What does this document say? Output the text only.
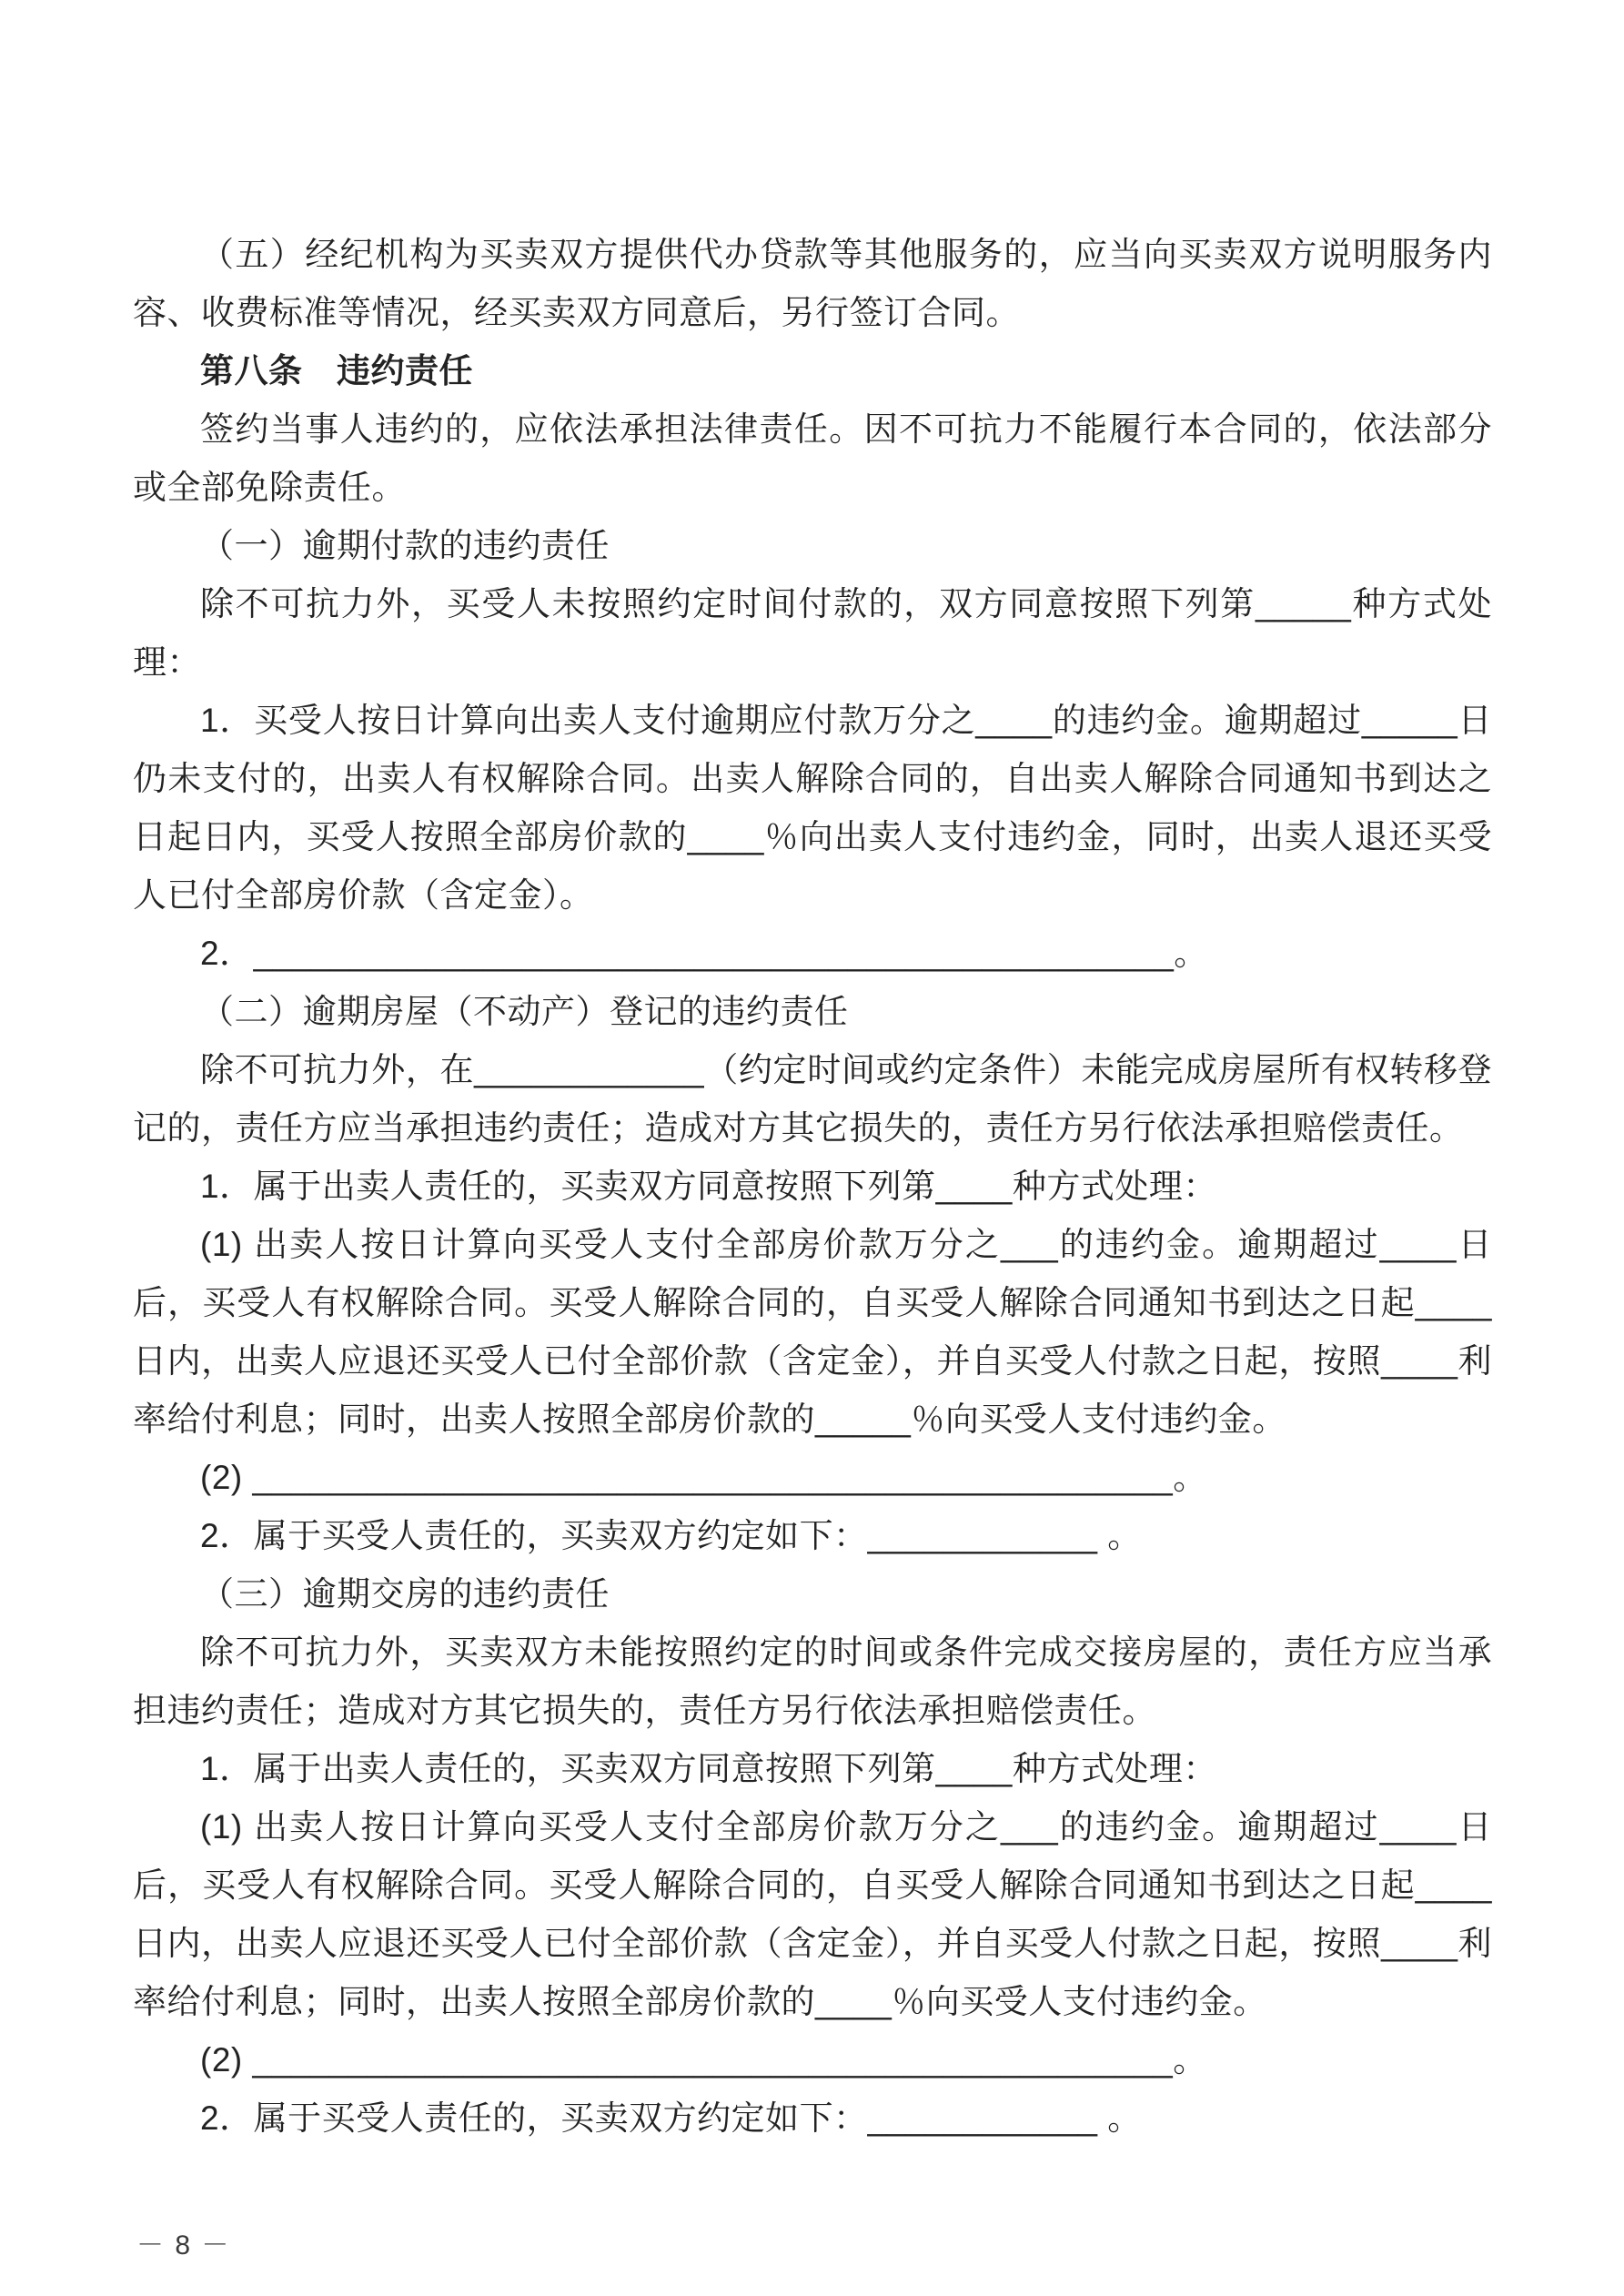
（五）经纪机构为买卖双方提供代办贷款等其他服务的，应当向买卖双方说明服务内容、收费标准等情况，经买卖双方同意后，另行签订合同。

第八条　违约责任

签约当事人违约的，应依法承担法律责任。因不可抗力不能履行本合同的，依法部分或全部免除责任。

（一）逾期付款的违约责任

除不可抗力外，买受人未按照约定时间付款的，双方同意按照下列第_____种方式处理：

1．买受人按日计算向出卖人支付逾期应付款万分之____的违约金。逾期超过_____日仍未支付的，出卖人有权解除合同。出卖人解除合同的，自出卖人解除合同通知书到达之日起日内，买受人按照全部房价款的____％向出卖人支付违约金，同时，出卖人退还买受人已付全部房价款（含定金）。

2．________________________________________________。

（二）逾期房屋（不动产）登记的违约责任

除不可抗力外，在____________（约定时间或约定条件）未能完成房屋所有权转移登记的，责任方应当承担违约责任；造成对方其它损失的，责任方另行依法承担赔偿责任。

1．属于出卖人责任的，买卖双方同意按照下列第____种方式处理：

(1) 出卖人按日计算向买受人支付全部房价款万分之___的违约金。逾期超过____日后，买受人有权解除合同。买受人解除合同的，自买受人解除合同通知书到达之日起____日内，出卖人应退还买受人已付全部价款（含定金），并自买受人付款之日起，按照____利率给付利息；同时，出卖人按照全部房价款的_____％向买受人支付违约金。

(2) ________________________________________________。

2．属于买受人责任的，买卖双方约定如下：____________ 。

（三）逾期交房的违约责任

除不可抗力外，买卖双方未能按照约定的时间或条件完成交接房屋的，责任方应当承担违约责任；造成对方其它损失的，责任方另行依法承担赔偿责任。

1．属于出卖人责任的，买卖双方同意按照下列第____种方式处理：

(1) 出卖人按日计算向买受人支付全部房价款万分之___的违约金。逾期超过____日后，买受人有权解除合同。买受人解除合同的，自买受人解除合同通知书到达之日起____日内，出卖人应退还买受人已付全部价款（含定金），并自买受人付款之日起，按照____利率给付利息；同时，出卖人按照全部房价款的____％向买受人支付违约金。

(2) ________________________________________________。

2．属于买受人责任的，买卖双方约定如下：____________ 。

－ 8 －
